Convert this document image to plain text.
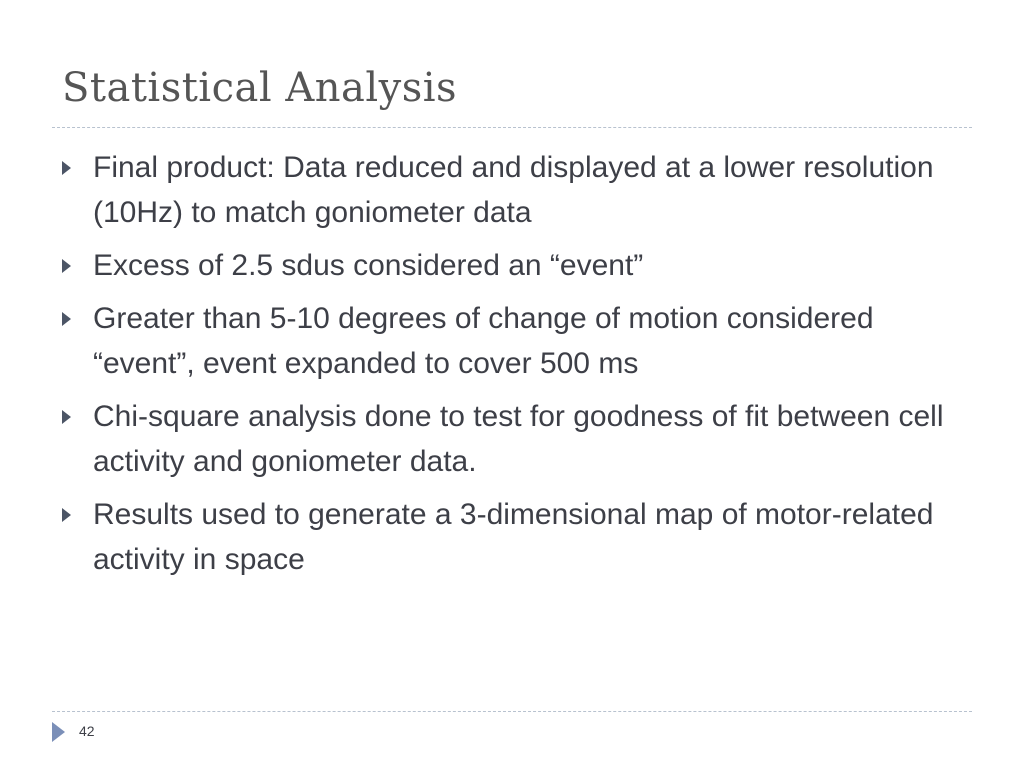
Statistical Analysis
Final product: Data reduced and displayed at a lower resolution (10Hz) to match goniometer data
Excess of 2.5 sdus considered an “event”
Greater than 5-10 degrees of change of motion considered “event”, event expanded to cover 500 ms
Chi-square analysis done to test for goodness of fit between cell activity and goniometer data.
Results used to generate a 3-dimensional map of motor-related activity in space
42
